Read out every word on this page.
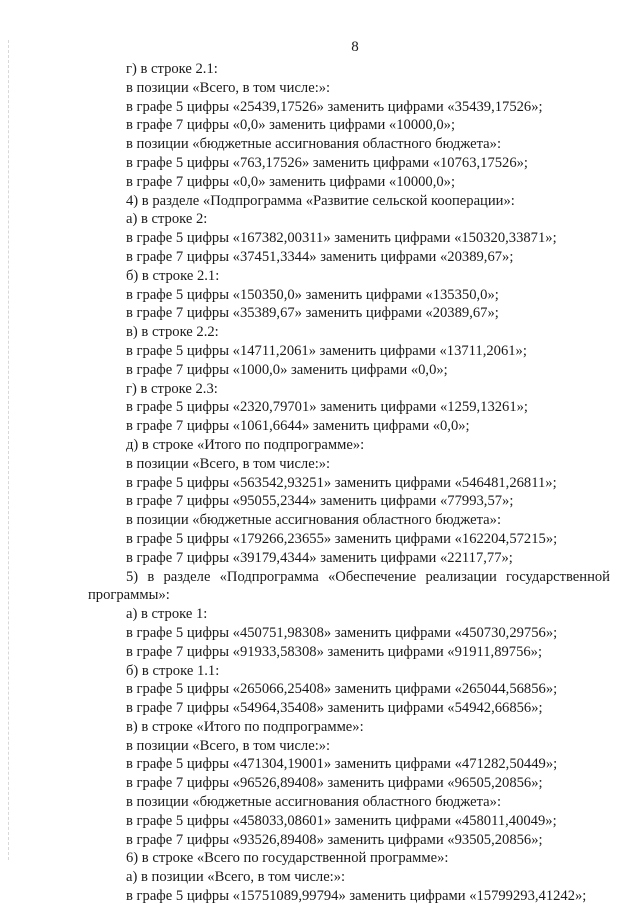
8
г) в строке 2.1:
в позиции «Всего, в том числе:»:
в графе 5 цифры «25439,17526» заменить цифрами «35439,17526»;
в графе 7 цифры «0,0» заменить цифрами «10000,0»;
в позиции «бюджетные ассигнования областного бюджета»:
в графе 5 цифры «763,17526» заменить цифрами «10763,17526»;
в графе 7 цифры «0,0» заменить цифрами «10000,0»;
4) в разделе «Подпрограмма «Развитие сельской кооперации»:
а) в строке 2:
в графе 5 цифры «167382,00311» заменить цифрами «150320,33871»;
в графе 7 цифры «37451,3344» заменить цифрами «20389,67»;
б) в строке 2.1:
в графе 5 цифры «150350,0» заменить цифрами «135350,0»;
в графе 7 цифры «35389,67» заменить цифрами «20389,67»;
в) в строке 2.2:
в графе 5 цифры «14711,2061» заменить цифрами «13711,2061»;
в графе 7 цифры «1000,0» заменить цифрами «0,0»;
г) в строке 2.3:
в графе 5 цифры «2320,79701» заменить цифрами «1259,13261»;
в графе 7 цифры «1061,6644» заменить цифрами «0,0»;
д) в строке «Итого по подпрограмме»:
в позиции «Всего, в том числе:»:
в графе 5 цифры «563542,93251» заменить цифрами «546481,26811»;
в графе 7 цифры «95055,2344» заменить цифрами «77993,57»;
в позиции «бюджетные ассигнования областного бюджета»:
в графе 5 цифры «179266,23655» заменить цифрами «162204,57215»;
в графе 7 цифры «39179,4344» заменить цифрами «22117,77»;
5) в разделе «Подпрограмма «Обеспечение реализации государственной
программы»:
а) в строке 1:
в графе 5 цифры «450751,98308» заменить цифрами «450730,29756»;
в графе 7 цифры «91933,58308» заменить цифрами «91911,89756»;
б) в строке 1.1:
в графе 5 цифры «265066,25408» заменить цифрами «265044,56856»;
в графе 7 цифры «54964,35408» заменить цифрами «54942,66856»;
в) в строке «Итого по подпрограмме»:
в позиции «Всего, в том числе:»:
в графе 5 цифры «471304,19001» заменить цифрами «471282,50449»;
в графе 7 цифры «96526,89408» заменить цифрами «96505,20856»;
в позиции «бюджетные ассигнования областного бюджета»:
в графе 5 цифры «458033,08601» заменить цифрами «458011,40049»;
в графе 7 цифры «93526,89408» заменить цифрами «93505,20856»;
6) в строке «Всего по государственной программе»:
а) в позиции «Всего, в том числе:»:
в графе 5 цифры «15751089,99794» заменить цифрами «15799293,41242»;
